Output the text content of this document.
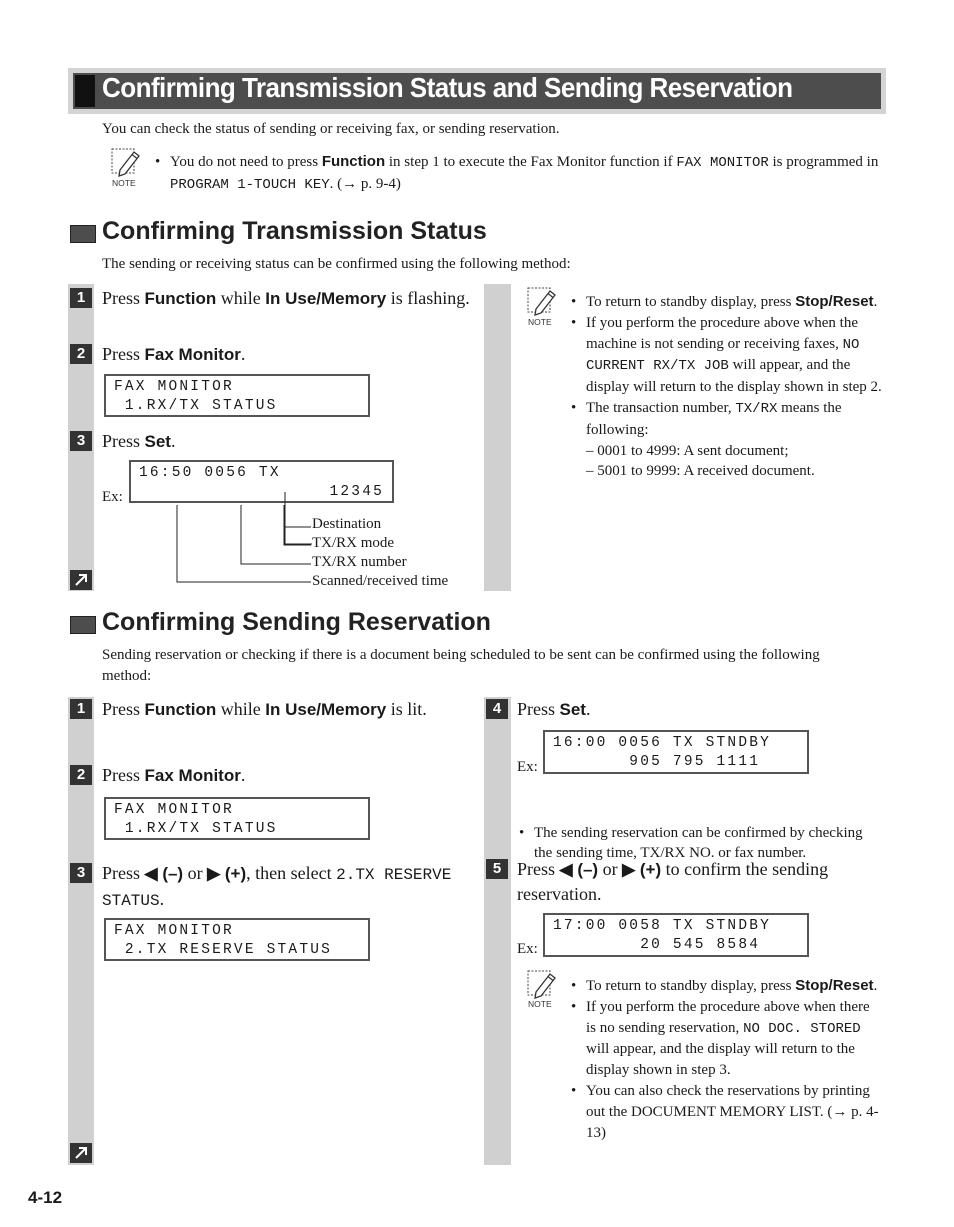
Confirming Transmission Status and Sending Reservation
You can check the status of sending or receiving fax, or sending reservation.
NOTE
• You do not need to press Function in step 1 to execute the Fax Monitor function if FAX MONITOR is programmed in PROGRAM 1-TOUCH KEY. (→ p. 9-4)
Confirming Transmission Status
The sending or receiving status can be confirmed using the following method:
1 Press Function while In Use/Memory is flashing.
2 Press Fax Monitor.
FAX MONITOR
1.RX/TX STATUS
3 Press Set.
Ex:
16:50 0056 TX
12345
Destination
TX/RX mode
TX/RX number
Scanned/received time
NOTE
• To return to standby display, press Stop/Reset.
• If you perform the procedure above when the machine is not sending or receiving faxes, NO CURRENT RX/TX JOB will appear, and the display will return to the display shown in step 2.
• The transaction number, TX/RX means the following:
– 0001 to 4999: A sent document;
– 5001 to 9999: A received document.
Confirming Sending Reservation
Sending reservation or checking if there is a document being scheduled to be sent can be confirmed using the following method:
1 Press Function while In Use/Memory is lit.
2 Press Fax Monitor.
FAX MONITOR
1.RX/TX STATUS
3 Press ◀ (–) or ▶ (+), then select 2.TX RESERVE STATUS.
FAX MONITOR
2.TX RESERVE STATUS
4 Press Set.
Ex:
16:00 0056 TX STNDBY
905 795 1111
• The sending reservation can be confirmed by checking the sending time, TX/RX NO. or fax number.
5 Press ◀ (–) or ▶ (+) to confirm the sending reservation.
Ex:
17:00 0058 TX STNDBY
20 545 8584
NOTE
• To return to standby display, press Stop/Reset.
• If you perform the procedure above when there is no sending reservation, NO DOC. STORED will appear, and the display will return to the display shown in step 3.
• You can also check the reservations by printing out the DOCUMENT MEMORY LIST. (→ p. 4-13)
4-12
